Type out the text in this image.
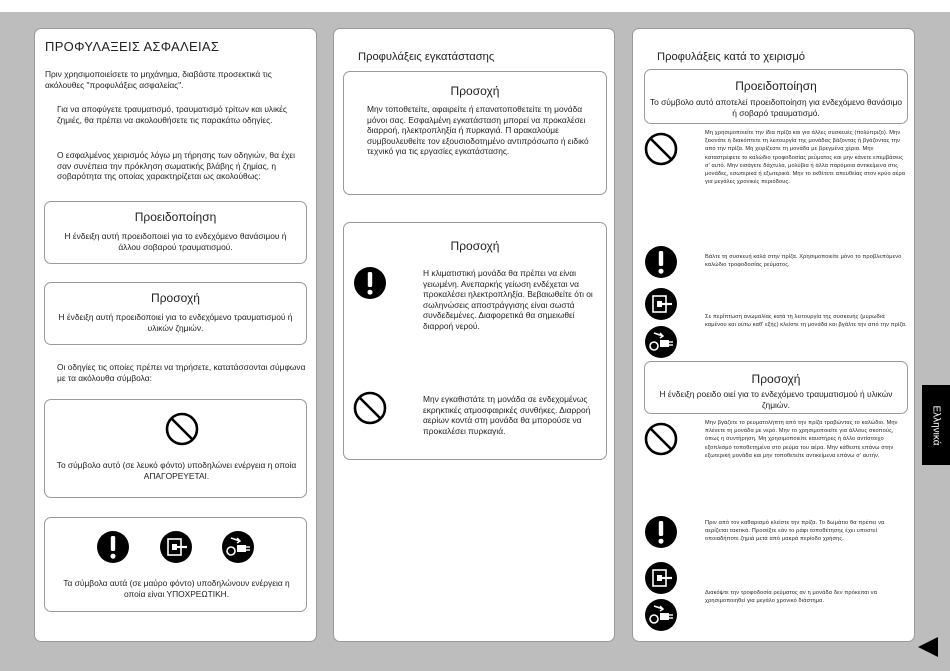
ΠΡΟΦΥΛΑΞΕΙΣ ΑΣΦΑΛΕΙΑΣ
Πριν χρησιμοποιείσετε το μηχάνημα, διαβάστε προσεκτικά τις ακόλουθες "προφυλάξεις ασφαλείας".
Για να αποφύγετε τραυματισμό, τραυματισμό τρίτων και υλικές ζημιές, θα πρέπει να ακολουθήσετε τις παρακάτω οδηγίες.
Ο εσφαλμένος χειρισμός λόγω μη τήρησης των οδηγιών, θα έχει σαν συνέπεια την πρόκληση σωματικής βλάβης ή ζημίας, η σοβαρότητα της οποίας χαρακτηρίζεται ως ακολούθως:
Προειδοποίηση
Η ένδειξη αυτή προειδοποιεί για το ενδεχόμενο θανάσιμου ή άλλου σοβαρού τραυματισμού.
Προσοχή
Η ένδειξη αυτή προειδοποιεί για το ενδεχόμενο τραυματισμού ή υλικών ζημιών.
Οι οδηγίες τις οποίες πρέπει να τηρήσετε, κατατάσσονται σύμφωνα με τα ακόλουθα σύμβολα:
Το σύμβολο αυτό (σε λευκό φόντο) υποδηλώνει ενέργεια η οποία ΑΠΑΓΟΡΕΥΕΤΑΙ.
Τα σύμβολα αυτά (σε μαύρο φόντο) υποδηλώνουν ενέργεια η οποία είναι ΥΠΟΧΡΕΩΤΙΚΗ.
Προφυλάξεις εγκατάστασης
Προσοχή
Μην τοποθετείτε, αφαιρείτε ή επανατοποθετείτε τη μονάδα μόνοι σας. Εσφαλμένη εγκατάσταση μπορεί να προκαλέσει διαρροή, ηλεκτροπληξία ή πυρκαγιά. Π αρακαλούμε συμβουλευθείτε τον εξουσιοδοτημένο αντιπρόσωπο ή ειδικό τεχνικό για τις εργασίες εγκατάστασης.
Προσοχή
Η κλιματιστική μονάδα θα πρέπει να είναι γειωμένη. Ανεπαρκής γείωση ενδέχεται να προκαλέσει ηλεκτροπληξία. Βεβαιωθείτε ότι οι σωληνώσεις αποστράγγισης είναι σωστά συνδεδεμένες. Διαφορετικά θα σημειωθεί διαρροή νερού.
Μην εγκαθιστάτε τη μονάδα σε ενδεχομένως εκρηκτικές ατμοσφαιρικές συνθήκες. Διαρροή αερίων κοντά στη μονάδα θα μπορούσε να προκαλέσει πυρκαγιά.
Προφυλάξεις κατά το χειρισμό
Προειδοποίηση
Το σύμβολο αυτό αποτελεί προειδοποίηση για ενδεχόμενο θανάσιμο ή σοβαρό τραυματισμό.
Μη χρησιμοποιείτε την ίδια πρίζα και για άλλες συσκευές (πολύπριζο). Μην ξεκινάτε ή διακόπτετε τη λειτουργία της μονάδας βάζοντας ή βγάζοντας την από την πρίζα. Μη χειρίζεστε τη μονάδα με βρεγμένα χέρια. Μην καταστρέφετε το καλώδιο τροφοδοσίας ρεύματος και μην κάνετε επεμβάσεις σ' αυτό. Μην εισάγετε δάχτυλα, μολύβια ή άλλα παρόμοια αντικείμενα στις μονάδες, εσωτερικά ή εξωτερικά. Μην το εκθέτετε απευθείας στον κρύο αέρα για μεγάλες χρονικές περιόδους.
Βάλτε τη συσκευή καλά στην πρίζα. Χρησιμοποιείτε μόνο το προβλεπόμενο καλώδιο τροφοδοσίας ρεύματος.
Σε περίπτωση ανωμαλίας κατά τη λειτουργία της συσκευής (μυρωδιά καμένου και ούτω καθ' εξής) κλείστε τη μονάδα και βγάλτε την από την πρίζα.
Προσοχή
Η ένδειξη ροειδο οιεί για το ενδεχόμενο τραυματισμού ή υλικών ζημιών.
Μην βγάζετε το ρευματολήπτη από την πρίζα τραβώντας το καλώδιο. Μην πλένετε τη μονάδα με νερό. Μην το χρησιμοποιείτε για άλλους σκοπούς, όπως η συντήρηση. Μη χρησιμοποιείτε καυστήρες ή άλλο αντίστοιχο εξοπλισμό τοποθετημένα στο ρεύμα του αέρα. Μην κάθεστε επάνω στην εξωτερική μονάδα και μην τοποθετείτε αντικείμενα επάνω σ' αυτήν.
Πριν από τον καθαρισμό κλείστε την πρίζα. Το δωμάτιο θα πρέπει να αερίζεται τακτικά. Προσέξτε εάν το ράφι τοποθέτησης έχει υποστεί οποιαδήποτε ζημιά μετά από μακρά περίοδο χρήσης.
Διακόψτε την τροφοδοσία ρεύματος αν η μονάδα δεν πρόκειται να χρησιμοποιηθεί για μεγάλο χρονικό διάστημα.
Ελληνικά
